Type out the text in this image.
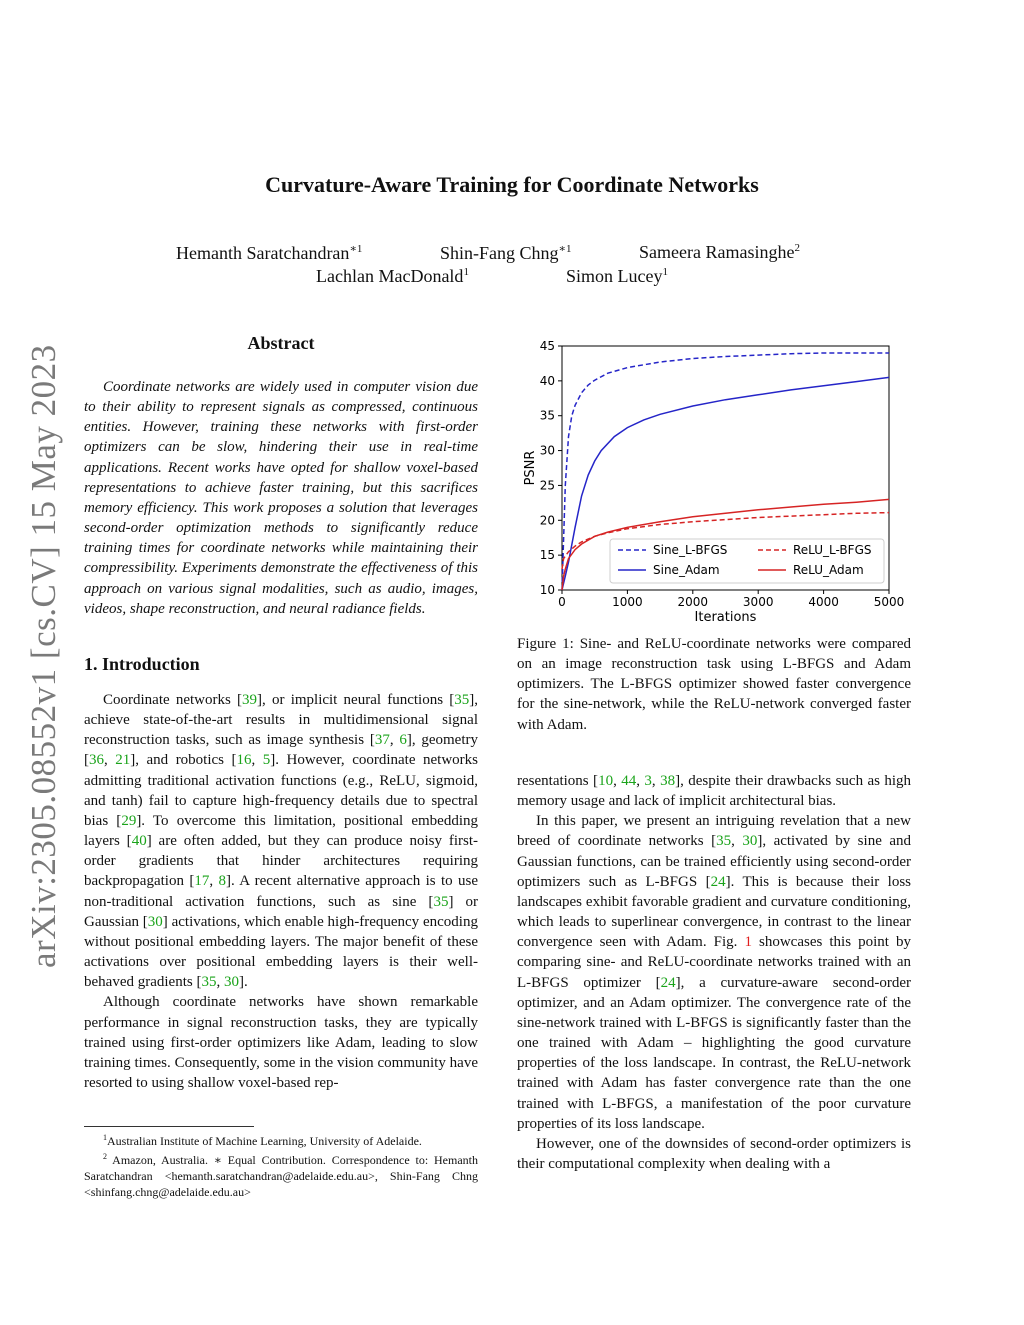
arXiv:2305.08552v1 [cs.CV] 15 May 2023
Curvature-Aware Training for Coordinate Networks
Hemanth Saratchandran$^{∗1}$	Shin-Fang Chng$^{∗1}$	Sameera Ramasinghe$^2$
Lachlan MacDonald$^1$	Simon Lucey$^1$
Abstract

Coordinate networks are widely used in computer vision due to their ability to represent signals as compressed, continuous entities. However, training these networks with first-order optimizers can be slow, hindering their use in real-time applications. Recent works have opted for shallow voxel-based representations to achieve faster training, but this sacrifices memory efficiency. This work proposes a solution that leverages second-order optimization methods to significantly reduce training times for coordinate networks while maintaining their compressibility. Experiments demonstrate the effectiveness of this approach on various signal modalities, such as audio, images, videos, shape reconstruction, and neural radiance fields.

1. Introduction

Coordinate networks [39], or implicit neural functions [35], achieve state-of-the-art results in multidimensional signal reconstruction tasks, such as image synthesis [37, 6], geometry [36, 21], and robotics [16, 5]. However, coordinate networks admitting traditional activation functions (e.g., ReLU, sigmoid, and tanh) fail to capture high-frequency details due to spectral bias [29]. To overcome this limitation, positional embedding layers [40] are often added, but they can produce noisy first-order gradients that hinder architectures requiring backpropagation [17, 8]. A recent alternative approach is to use non-traditional activation functions, such as sine [35] or Gaussian [30] activations, which enable high-frequency encoding without positional embedding layers. The major benefit of these activations over positional embedding layers is their well-behaved gradients [35, 30].

Although coordinate networks have shown remarkable performance in signal reconstruction tasks, they are typically trained using first-order optimizers like Adam, leading to slow training times. Consequently, some in the vision community have resorted to using shallow voxel-based rep-

$^1$Australian Institute of Machine Learning, University of Adelaide.
$^2$ Amazon, Australia. ∗ Equal Contribution. Correspondence to: Hemanth Saratchandran <hemanth.saratchandran@adelaide.edu.au>, Shin-Fang Chng <shinfang.chng@adelaide.edu.au>
0	1000	2000	3000	4000	5000
10
15
20
25
30
35
40
45
Iterations
PSNR
Sine_L-BFGS
Sine_Adam
ReLU_L-BFGS
ReLU_Adam

Figure 1: Sine- and ReLU-coordinate networks were compared on an image reconstruction task using L-BFGS and Adam optimizers. The L-BFGS optimizer showed faster convergence for the sine-network, while the ReLU-network converged faster with Adam.

resentations [10, 44, 3, 38], despite their drawbacks such as high memory usage and lack of implicit architectural bias.

In this paper, we present an intriguing revelation that a new breed of coordinate networks [35, 30], activated by sine and Gaussian functions, can be trained efficiently using second-order optimizers such as L-BFGS [24]. This is because their loss landscapes exhibit favorable gradient and curvature conditioning, which leads to superlinear convergence, in contrast to the linear convergence seen with Adam. Fig. 1 showcases this point by comparing sine- and ReLU-coordinate networks trained with an L-BFGS optimizer [24], a curvature-aware second-order optimizer, and an Adam optimizer. The convergence rate of the sine-network trained with L-BFGS is significantly faster than the one trained with Adam – highlighting the good curvature properties of the loss landscape. In contrast, the ReLU-network trained with Adam has faster convergence rate than the one trained with L-BFGS, a manifestation of the poor curvature properties of its loss landscape.

However, one of the downsides of second-order optimizers is their computational complexity when dealing with a
